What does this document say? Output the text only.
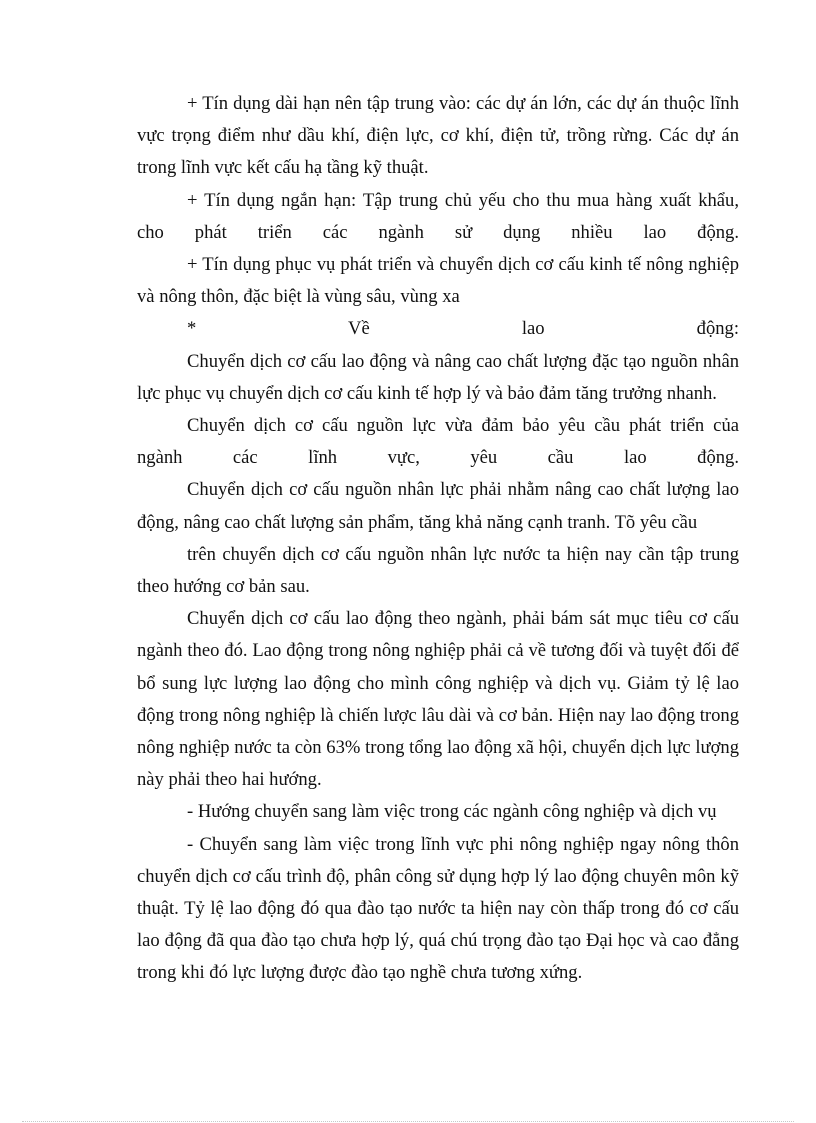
+ Tín dụng dài hạn nên tập trung vào: các dự án lớn, các dự án thuộc lĩnh vực trọng điểm như dầu khí, điện lực, cơ khí, điện tử, trồng rừng. Các dự án trong lĩnh vực kết cấu hạ tầng kỹ thuật.

+ Tín dụng ngắn hạn: Tập trung chủ yếu cho thu mua hàng xuất khẩu,

cho phát triển các ngành sử dụng nhiều lao động.

+ Tín dụng phục vụ phát triển và chuyển dịch cơ cấu kinh tế nông nghiệp và nông thôn, đặc biệt là vùng sâu, vùng xa

* Về lao động:

Chuyển dịch cơ cấu lao động và nâng cao chất lượng đặc tạo nguồn nhân lực phục vụ chuyển dịch cơ cấu kinh tế hợp lý và bảo đảm tăng trưởng nhanh.

Chuyển dịch cơ cấu nguồn lực vừa đảm bảo yêu cầu phát triển của

ngành các lĩnh vực, yêu cầu lao động.

Chuyển dịch cơ cấu nguồn nhân lực phải nhằm nâng cao chất lượng lao động, nâng cao chất lượng sản phẩm, tăng khả năng cạnh tranh. Tõ yêu cầu

trên chuyển dịch cơ cấu nguồn nhân lực nước ta hiện nay cần tập trung theo hướng cơ bản sau.

Chuyển dịch cơ cấu lao động theo ngành, phải bám sát mục tiêu cơ cấu ngành theo đó. Lao động trong nông nghiệp phải cả về tương đối và tuyệt đối để bổ sung lực lượng lao động cho mình công nghiệp và dịch vụ. Giảm tỷ lệ lao động trong nông nghiệp là chiến lược lâu dài và cơ bản. Hiện nay lao động trong nông nghiệp nước ta còn 63% trong tổng lao động xã hội, chuyển dịch lực lượng này phải theo hai hướng.

- Hướng chuyển sang làm việc trong các ngành công nghiệp và dịch vụ

- Chuyển sang làm việc trong lĩnh vực phi nông nghiệp ngay nông thôn chuyển dịch cơ cấu trình độ, phân công sử dụng hợp lý lao động chuyên môn kỹ thuật. Tỷ lệ lao động đó qua đào tạo nước ta hiện nay còn thấp trong đó cơ cấu lao động đã qua đào tạo chưa hợp lý, quá chú trọng đào tạo Đại học và cao đẳng trong khi đó lực lượng được đào tạo nghề chưa tương xứng.
